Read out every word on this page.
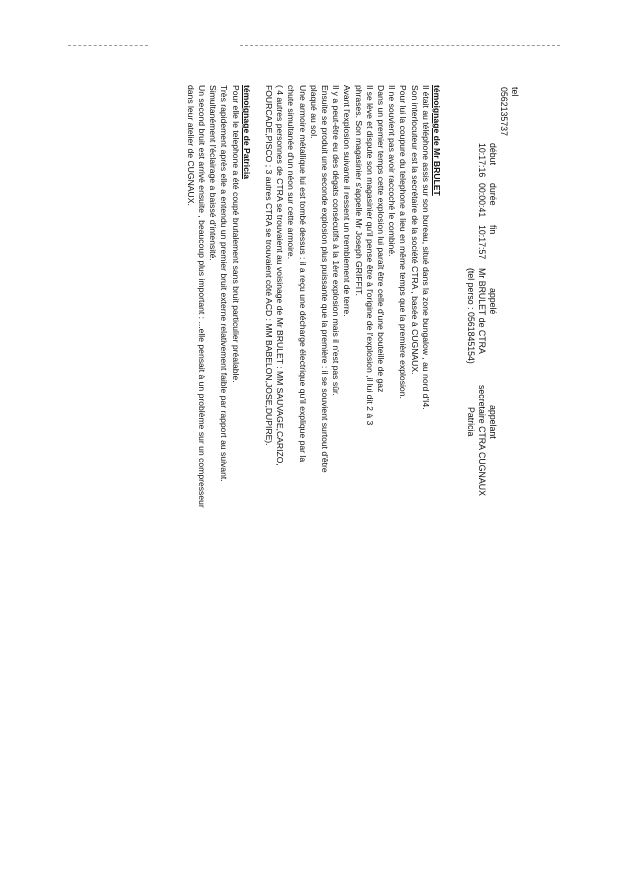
tel
0562135737
début
10:17:16
durée
00:00:41
fin
10:17:57
appelé
Mr BRULET de CTRA
(tel perso : 0561845154)
appelant
secretaire CTRA CUGNAUX
Patricia

témoignage de Mr BRULET

Il était au téléphone assis sur son bureau, situé dans la zone bungalow , au nord d'I4.

Son interlocuteur est la secrétaire de la société CTRA , basée à CUGNAUX.

Pour lui la coupure du telephone a lieu en même temps que la première explosion.

Il ne souvient pas avoir raccoché le combiné.

Dans un premier temps cette explosion lui paraît être celle d'une bouteille de gaz

Il se lève et dispute son magasinier qu'il pense être à l'origine de l'explosion ,il lui dit 2 à 3

phrases. Son magasinier s'appelle Mr Joseph GRIFFIT.

Avant l'explosion suivante il ressent un tremblement de terre.

Il y a peut-être eu des dégats consécutifs à la 1ère explosion mais il n'est pas sûr.

Ensuite se produit une seconde explosion plus puissante que la première : il se souvient surtout d'être

plaqué au sol.

Une armoire métallique lui est tombé dessus : il a reçu une décharge électrique qu'il explique par la

chute simultanée d'un néon sur cette armoire.

( 4 autres personnes de CTRA se trouvaient au voisinage de Mr BRULET : MM SAUVAGE,CARIZO,

FOURCADE,PISCO ; 3 autres CTRA se trouvaient côté ACD : MM BABELON,JOSE,DUPIRE).

témoignage de Patricia

Pour elle le telephone a été coupé brutalement sans bruit particulier préalable.

Très rapidement après elle a entendu un premier bruit externe relativement faible par rapport au suivant.

Simultanément l'éclairage a baissé d'intensité.

Un second bruit est arrivé ensuite , beaucoup plus important : ...elle pensait à un problème sur un compresseur

dans leur atelier de CUGNAUX.
